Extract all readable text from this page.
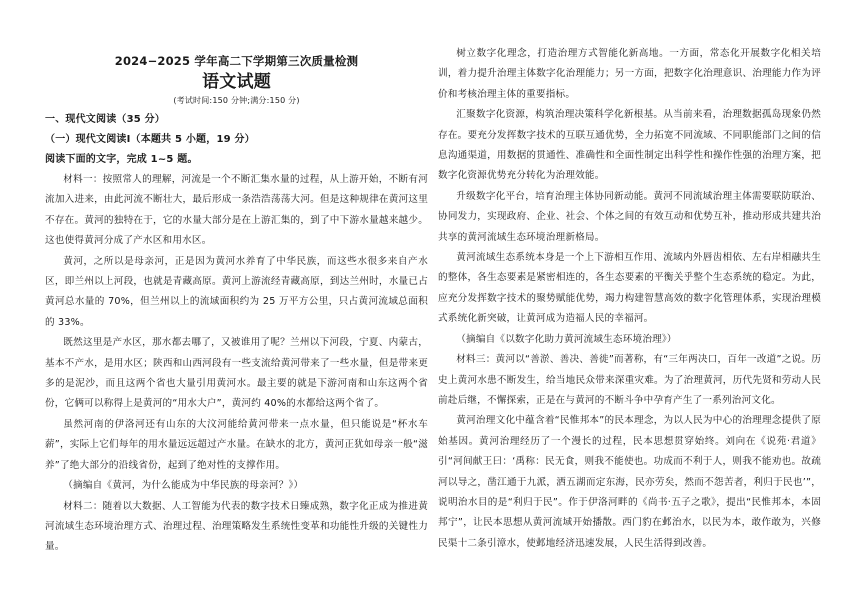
2024−2025 学年高二下学期第三次质量检测
语文试题
(考试时间:150 分钟;满分:150 分)
一、现代文阅读（35 分）
（一）现代文阅读Ⅰ（本题共 5 小题，19 分）
阅读下面的文字，完成 1~5 题。

材料一：按照常人的理解，河流是一个不断汇集水量的过程，从上游开始，不断有河流加入进来，由此河流不断壮大，最后形成一条浩浩荡荡大河。但是这种规律在黄河这里不存在。黄河的独特在于，它的水量大部分是在上游汇集的，到了中下游水量越来越少。这也使得黄河分成了产水区和用水区。

黄河，之所以是母亲河，正是因为黄河水养育了中华民族，而这些水很多来自产水区，即兰州以上河段，也就是青藏高原。黄河上游流经青藏高原，到达兰州时，水量已占黄河总水量的 70%，但兰州以上的流域面积约为 25 万平方公里，只占黄河流域总面积的 33%。

既然这里是产水区，那水都去哪了，又被谁用了呢？兰州以下河段，宁夏、内蒙古，基本不产水，是用水区；陕西和山西河段有一些支流给黄河带来了一些水量，但是带来更多的是泥沙，而且这两个省也大量引用黄河水。最主要的就是下游河南和山东这两个省份，它俩可以称得上是黄河的“用水大户”，黄河约 40%的水都给这两个省了。

虽然河南的伊洛河还有山东的大汶河能给黄河带来一点水量，但只能说是“杯水车薪”，实际上它们每年的用水量远远超过产水量。在缺水的北方，黄河正犹如母亲一般“滋养”了绝大部分的沿线省份，起到了绝对性的支撑作用。

（摘编自《黄河，为什么能成为中华民族的母亲河？》）

材料二：随着以大数据、人工智能为代表的数字技术日臻成熟，数字化正成为推进黄河流域生态环境治理方式、治理过程、治理策略发生系统性变革和功能性升级的关键性力量。

树立数字化理念，打造治理方式智能化新高地。一方面，常态化开展数字化相关培训，着力提升治理主体数字化治理能力；另一方面，把数字化治理意识、治理能力作为评价和考核治理主体的重要指标。

汇聚数字化资源，构筑治理决策科学化新根基。从当前来看，治理数据孤岛现象仍然存在。要充分发挥数字技术的互联互通优势，全力拓宽不同流域、不同职能部门之间的信息沟通渠道，用数据的贯通性、准确性和全面性制定出科学性和操作性强的治理方案，把数字化资源优势充分转化为治理效能。

升级数字化平台，培育治理主体协同新动能。黄河不同流域治理主体需要联防联治、协同发力，实现政府、企业、社会、个体之间的有效互动和优势互补，推动形成共建共治共享的黄河流域生态环境治理新格局。

黄河流域生态系统本身是一个上下游相互作用、流域内外唇齿相依、左右岸相融共生的整体，各生态要素是紧密相连的，各生态要素的平衡关乎整个生态系统的稳定。为此，应充分发挥数字技术的聚势赋能优势，竭力构建智慧高效的数字化管理体系，实现治理模式系统化新突破，让黄河成为造福人民的幸福河。

（摘编自《以数字化助力黄河流域生态环境治理》）

材料三：黄河以“善淤、善决、善徙”而著称，有“三年两决口，百年一改道”之说。历史上黄河水患不断发生，给当地民众带来深重灾难。为了治理黄河，历代先贤和劳动人民前赴后继，不懈探索，正是在与黄河的不断斗争中孕育产生了一系列治河文化。

黄河治理文化中蕴含着“民惟邦本”的民本理念，为以人民为中心的治理理念提供了原始基因。黄河治理经历了一个漫长的过程，民本思想贯穿始终。刘向在《说苑·君道》引“河间献王曰：‘禹称：民无食，则我不能使也。功成而不利于人，则我不能劝也。故疏河以导之，凿江通于九派，洒五湖而定东海，民亦劳矣，然而不怨苦者，利归于民也’”，说明治水目的是“利归于民”。作于伊洛河畔的《尚书·五子之歌》，提出“民惟邦本，本固邦宁”，让民本思想从黄河流域开始播散。西门豹在邺治水，以民为本，敢作敢为，兴修民渠十二条引漳水，使邺地经济迅速发展，人民生活得到改善。
